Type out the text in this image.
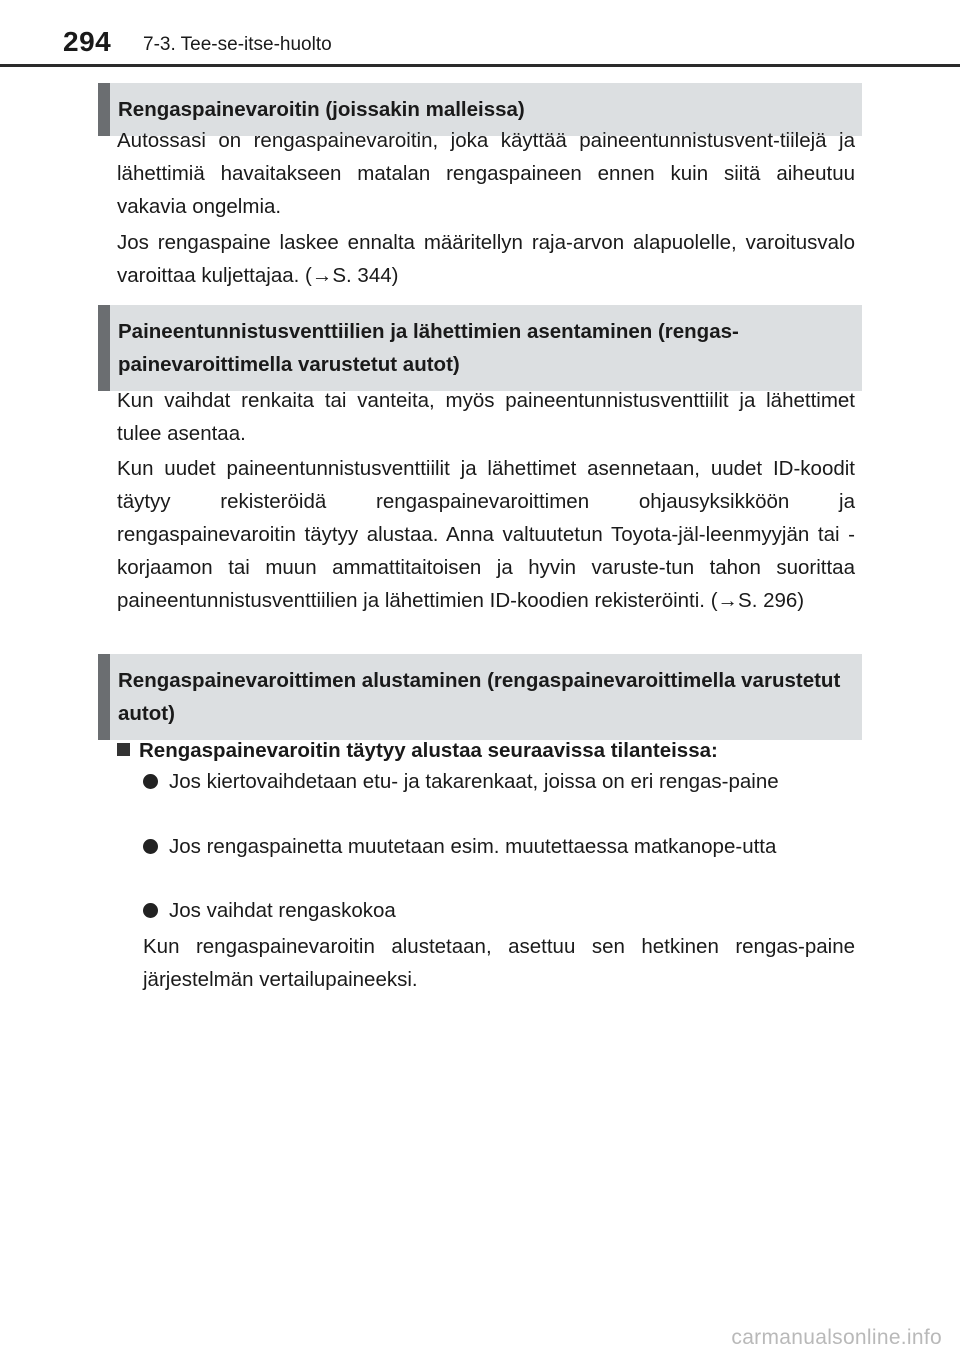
294 7-3. Tee-se-itse-huolto
Rengaspainevaroitin (joissakin malleissa)

Autossasi on rengaspainevaroitin, joka käyttää paineentunnistusvent-tiilejä ja lähettimiä havaitakseen matalan rengaspaineen ennen kuin siitä aiheutuu vakavia ongelmia.

Jos rengaspaine laskee ennalta määritellyn raja-arvon alapuolelle, varoitusvalo varoittaa kuljettajaa. (→S. 344)

Paineentunnistusventtiilien ja lähettimien asentaminen (rengas-painevaroittimella varustetut autot)

Kun vaihdat renkaita tai vanteita, myös paineentunnistusventtiilit ja lähettimet tulee asentaa.

Kun uudet paineentunnistusventtiilit ja lähettimet asennetaan, uudet ID-koodit täytyy rekisteröidä rengaspainevaroittimen ohjausyksikköön ja rengaspainevaroitin täytyy alustaa. Anna valtuutetun Toyota-jäl-leenmyyjän tai -korjaamon tai muun ammattitaitoisen ja hyvin varuste-tun tahon suorittaa paineentunnistusventtiilien ja lähettimien ID-koodien rekisteröinti. (→S. 296)

Rengaspainevaroittimen alustaminen (rengaspainevaroittimella varustetut autot)
Rengaspainevaroitin täytyy alustaa seuraavissa tilanteissa:
Jos kiertovaihdetaan etu- ja takarenkaat, joissa on eri rengas-paine
Jos rengaspainetta muutetaan esim. muutettaessa matkanope-utta
Jos vaihdat rengaskokoa

Kun rengaspainevaroitin alustetaan, asettuu sen hetkinen rengas-paine järjestelmän vertailupaineeksi.

carmanualsonline.info
